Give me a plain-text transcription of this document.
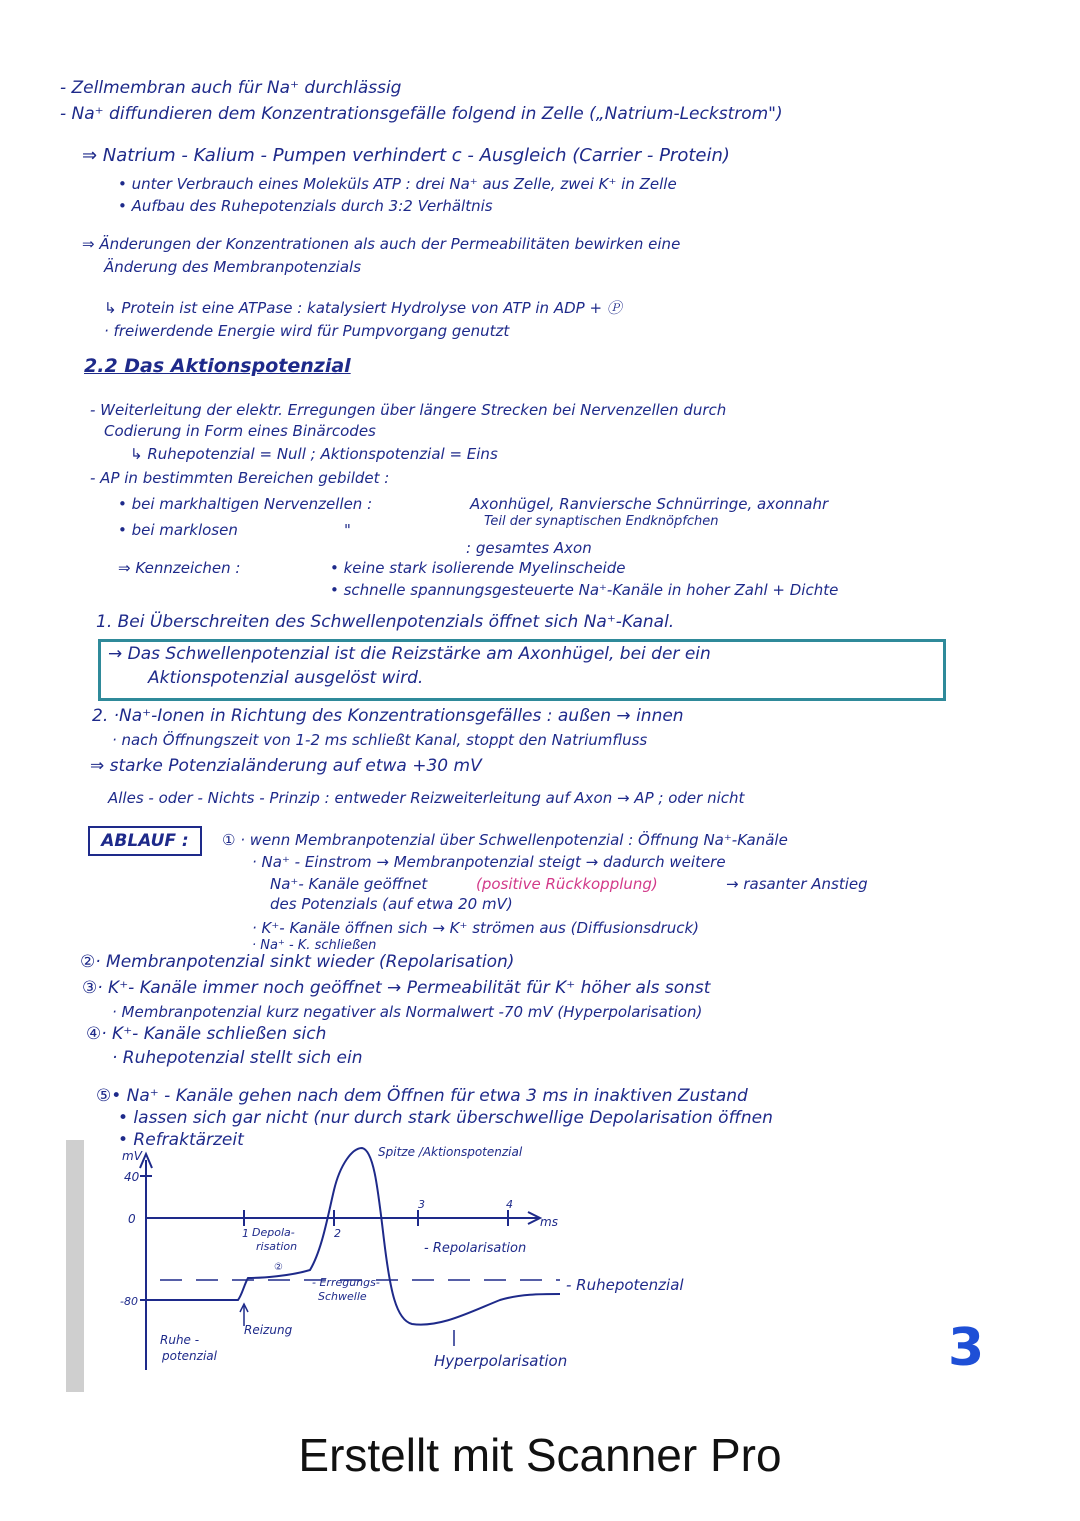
- Zellmembran auch für Na⁺ durchlässig
- Na⁺ diffundieren dem Konzentrationsgefälle folgend in Zelle („Natrium-Leckstrom")
⇒ Natrium - Kalium - Pumpen verhindert c - Ausgleich (Carrier - Protein)
• unter Verbrauch eines Moleküls ATP : drei Na⁺ aus Zelle, zwei K⁺ in Zelle
• Aufbau des Ruhepotenzials durch 3:2 Verhältnis
⇒ Änderungen der Konzentrationen als auch der Permeabilitäten bewirken eine
Änderung des Membranpotenzials
↳ Protein ist eine ATPase : katalysiert Hydrolyse von ATP in ADP + Ⓟ
· freiwerdende Energie wird für Pumpvorgang genutzt
2.2 Das Aktionspotenzial
- Weiterleitung der elektr. Erregungen über längere Strecken bei Nervenzellen durch
Codierung in Form eines Binärcodes
↳ Ruhepotenzial = Null ; Aktionspotenzial = Eins
- AP in bestimmten Bereichen gebildet :
• bei markhaltigen Nervenzellen :	Axonhügel, Ranviersche Schnürringe, axonnahr
Teil der synaptischen Endknöpfchen
• bei marklosen	"
: gesamtes Axon
⇒ Kennzeichen :	• keine stark isolierende Myelinscheide
• schnelle spannungsgesteuerte Na⁺-Kanäle in hoher Zahl + Dichte
1. Bei Überschreiten des Schwellenpotenzials öffnet sich Na⁺-Kanal.
→ Das Schwellenpotenzial ist die Reizstärke am Axonhügel, bei der ein
Aktionspotenzial ausgelöst wird.
2. ·Na⁺-Ionen in Richtung des Konzentrationsgefälles : außen → innen
· nach Öffnungszeit von 1-2 ms schließt Kanal, stoppt den Natriumfluss
⇒ starke Potenzialänderung auf etwa +30 mV
Alles - oder - Nichts - Prinzip : entweder Reizweiterleitung auf Axon → AP ; oder nicht
ABLAUF :	① · wenn Membranpotenzial über Schwellenpotenzial : Öffnung Na⁺-Kanäle
· Na⁺ - Einstrom → Membranpotenzial steigt → dadurch weitere
Na⁺- Kanäle geöffnet	(positive Rückkopplung)	→ rasanter Anstieg
des Potenzials (auf etwa 20 mV)
· K⁺- Kanäle öffnen sich → K⁺ strömen aus (Diffusionsdruck)
· Na⁺ - K. schließen
②· Membranpotenzial sinkt wieder (Repolarisation)
③· K⁺- Kanäle immer noch geöffnet → Permeabilität für K⁺ höher als sonst
· Membranpotenzial kurz negativer als Normalwert -70 mV (Hyperpolarisation)
④· K⁺- Kanäle schließen sich
· Ruhepotenzial stellt sich ein
⑤• Na⁺ - Kanäle gehen nach dem Öffnen für etwa 3 ms in inaktiven Zustand
• lassen sich gar nicht (nur durch stark überschwellige Depolarisation öffnen
• Refraktärzeit
mV
40
0
-80
1	2
3	4
ms
Spitze /Aktionspotenzial
Depola-
risation
②
- Erregungs-
Schwelle
- Repolarisation
- Ruhepotenzial
Reizung
Ruhe -
potenzial	Hyperpolarisation	3
Erstellt mit Scanner Pro
